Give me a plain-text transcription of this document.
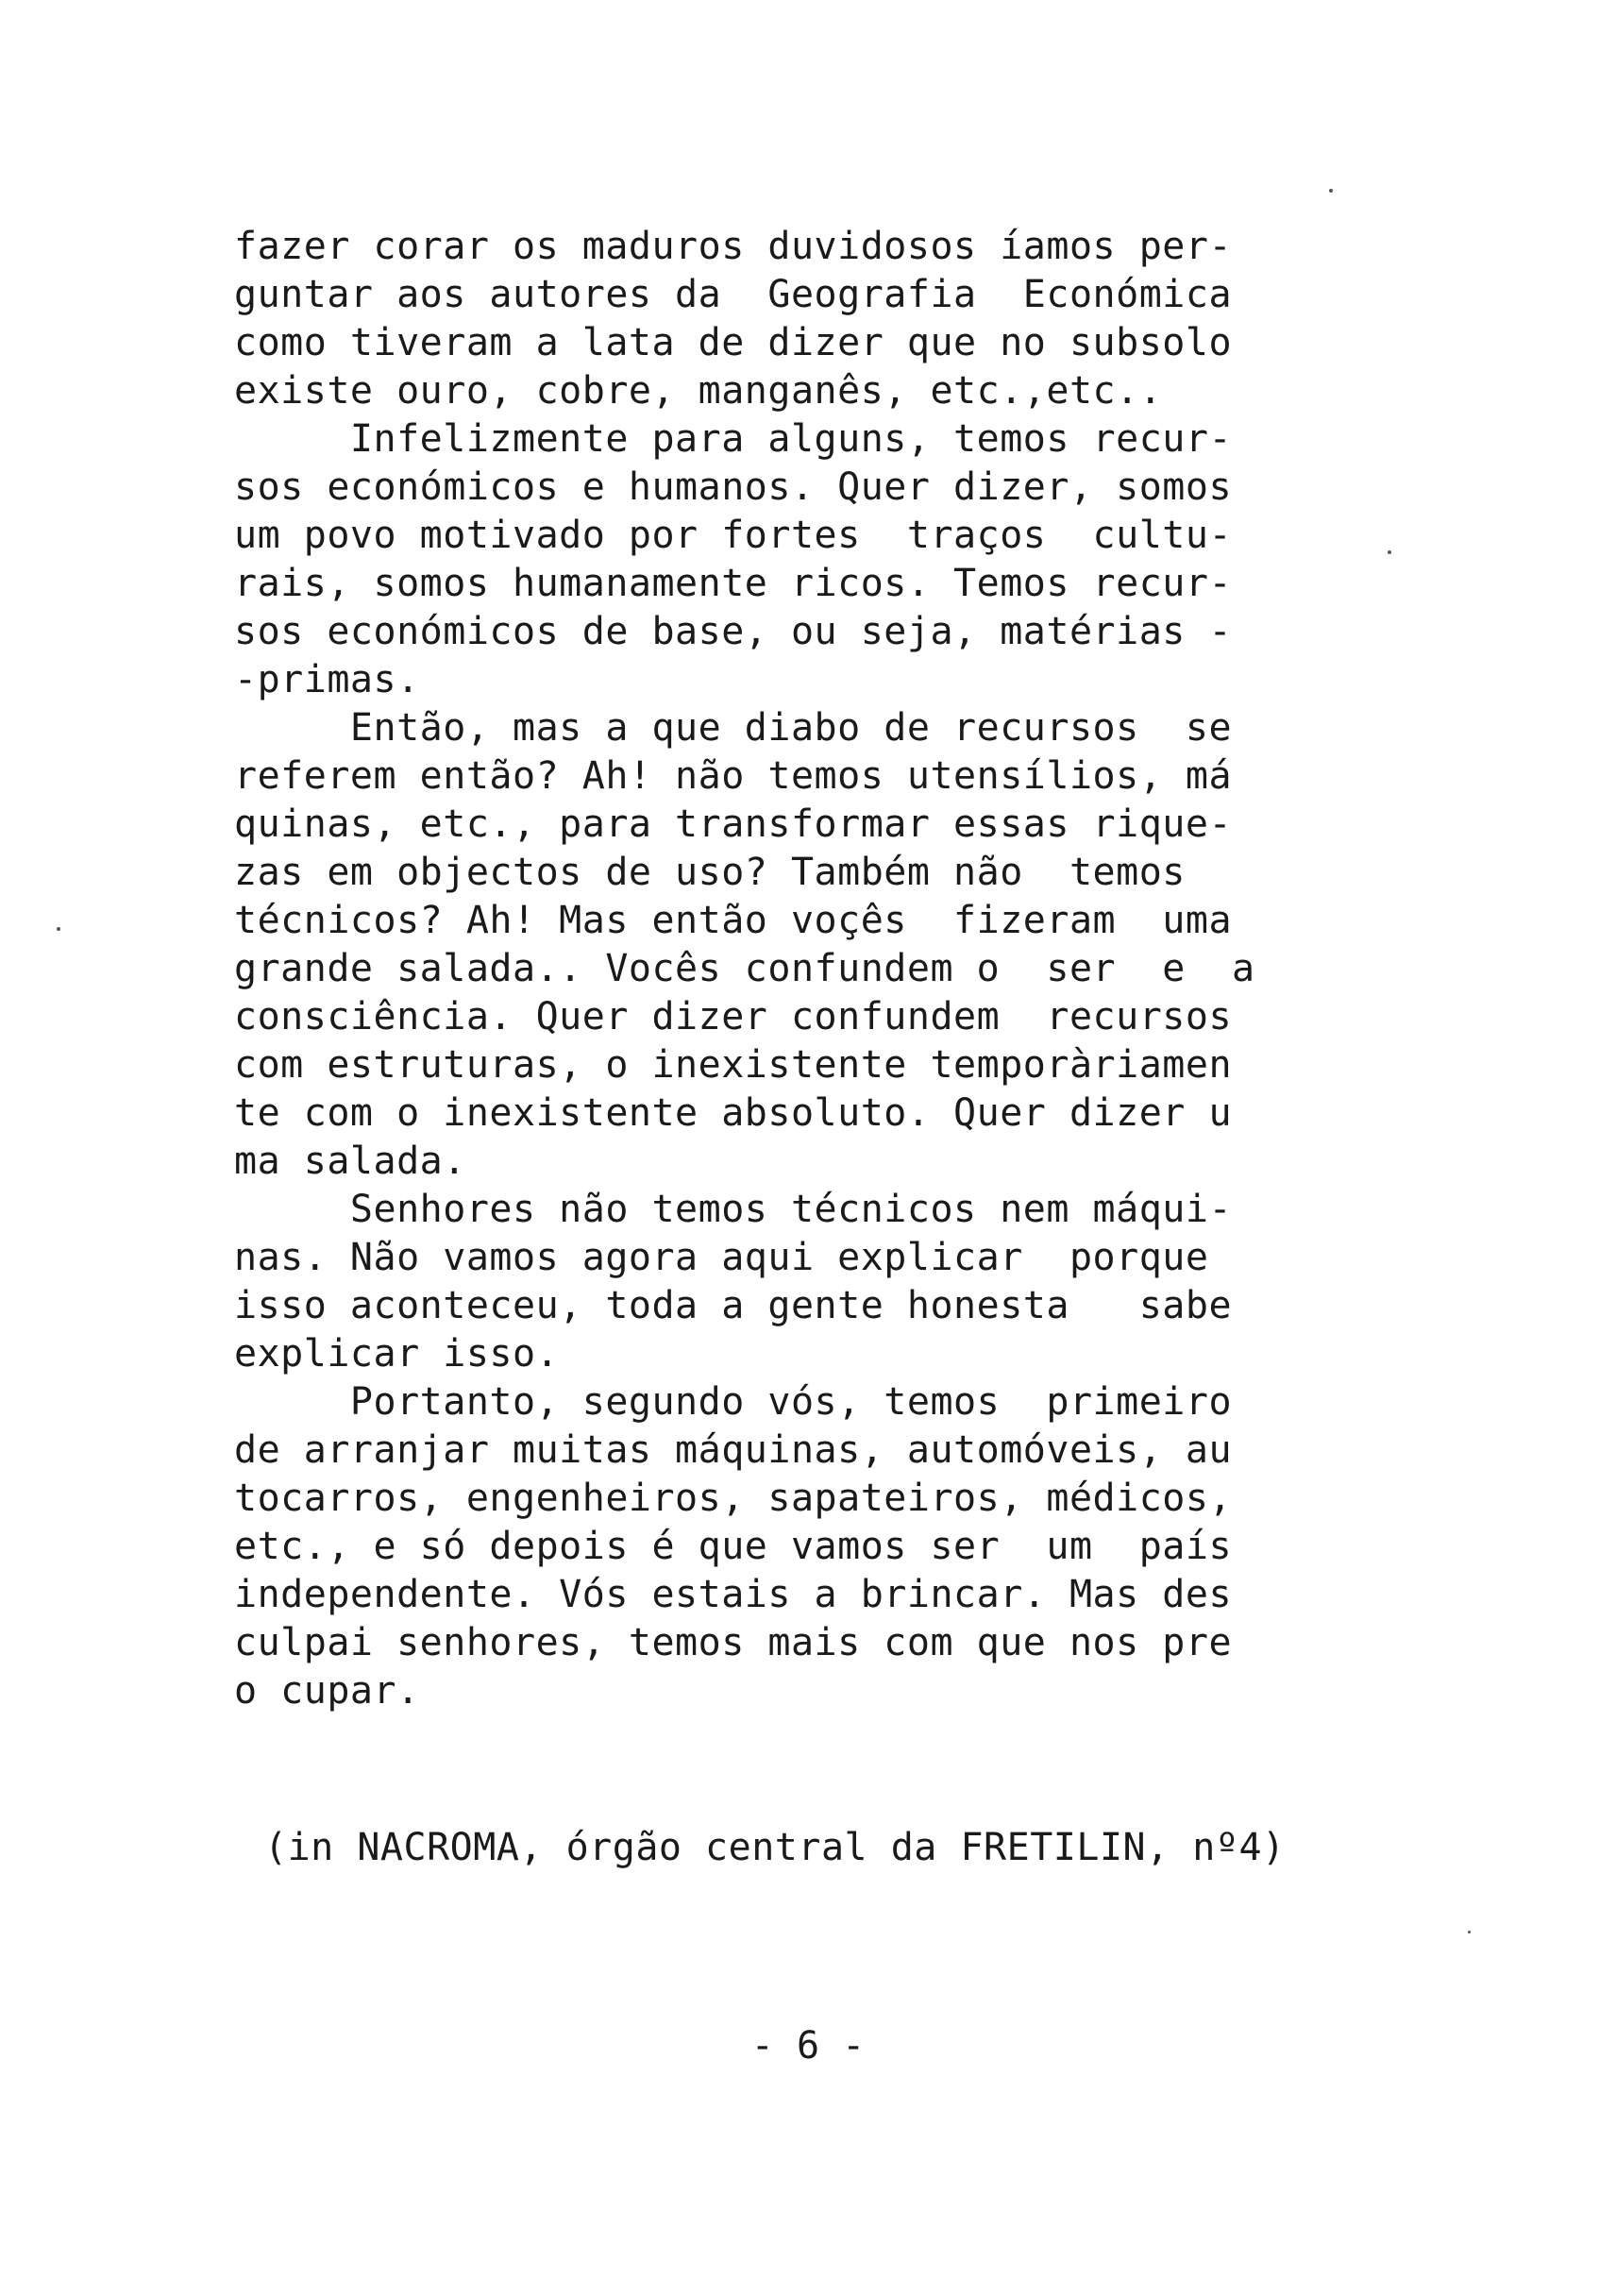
fazer corar os maduros duvidosos íamos per-
guntar aos autores da  Geografia  Económica
como tiveram a lata de dizer que no subsolo
existe ouro, cobre, manganês, etc.,etc..
Infelizmente para alguns, temos recur-
sos económicos e humanos. Quer dizer, somos
um povo motivado por fortes  traços  cultu-
rais, somos humanamente ricos. Temos recur-
sos económicos de base, ou seja, matérias -
-primas.
Então, mas a que diabo de recursos  se
referem então? Ah! não temos utensílios, má
quinas, etc., para transformar essas rique-
zas em objectos de uso? Também não  temos
técnicos? Ah! Mas então voçês  fizeram  uma
grande salada.. Vocês confundem o  ser  e  a
consciência. Quer dizer confundem  recursos
com estruturas, o inexistente temporàriamen
te com o inexistente absoluto. Quer dizer u
ma salada.
Senhores não temos técnicos nem máqui-
nas. Não vamos agora aqui explicar  porque
isso aconteceu, toda a gente honesta   sabe
explicar isso.
Portanto, segundo vós, temos  primeiro
de arranjar muitas máquinas, automóveis, au
tocarros, engenheiros, sapateiros, médicos,
etc., e só depois é que vamos ser  um  país
independente. Vós estais a brincar. Mas des
culpai senhores, temos mais com que nos pre
o cupar.
(in NACROMA, órgão central da FRETILIN, nº4)
- 6 -
